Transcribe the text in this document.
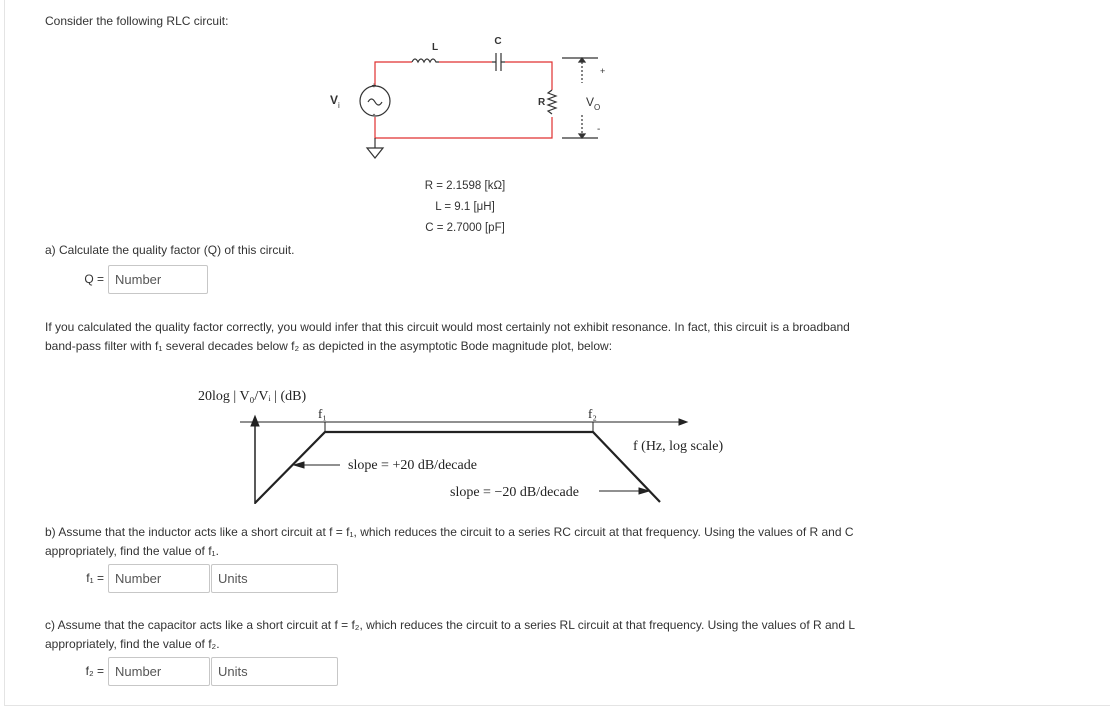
Consider the following RLC circuit:
+
-
V i
L
C
R	V O
+
-
R = 2.1598 [kΩ]
L = 9.1 [μH]
C = 2.7000 [pF]
a) Calculate the quality factor (Q) of this circuit.
Q =
Number
If you calculated the quality factor correctly, you would infer that this circuit would most certainly not exhibit resonance. In fact, this circuit is a broadband band-pass filter with f₁ several decades below f₂ as depicted in the asymptotic Bode magnitude plot, below:
20log | V₀/Vᵢ | (dB)
f₁	f₂
f (Hz, log scale)
slope = +20 dB/decade
slope = −20 dB/decade
b) Assume that the inductor acts like a short circuit at f = f₁, which reduces the circuit to a series RC circuit at that frequency. Using the values of R and C appropriately, find the value of f₁.
f₁ =
Number
Units
c) Assume that the capacitor acts like a short circuit at f = f₂, which reduces the circuit to a series RL circuit at that frequency. Using the values of R and L appropriately, find the value of f₂.
f₂ =
Number
Units
